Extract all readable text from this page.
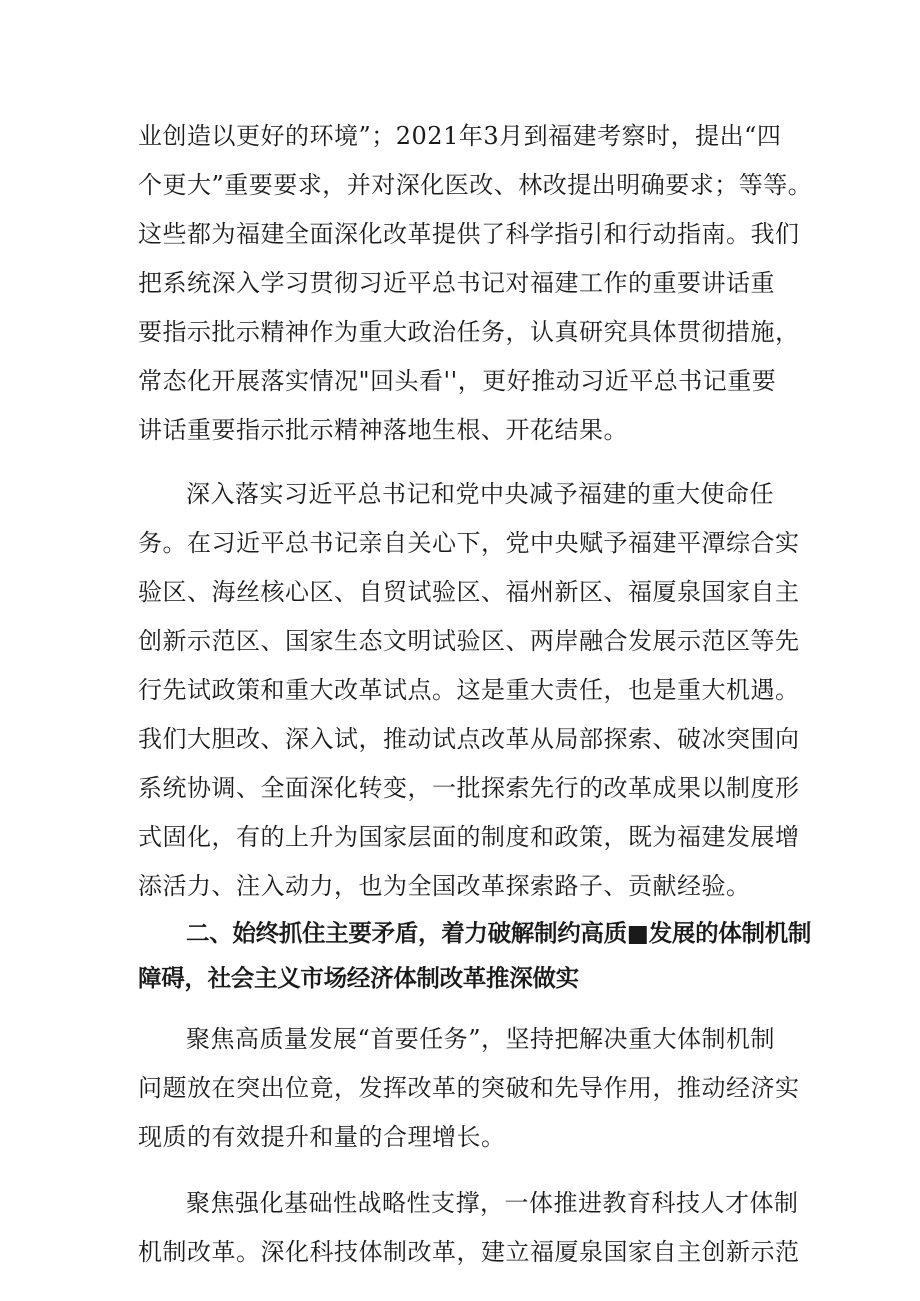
业创造以更好的环境”；2021年3月到福建考察时，提出“四
个更大”重要要求，并对深化医改、林改提出明确要求；等等。
这些都为福建全面深化改革提供了科学指引和行动指南。我们
把系统深入学习贯彻习近平总书记对福建工作的重要讲话重
要指示批示精神作为重大政治任务，认真研究具体贯彻措施，
常态化开展落实情况"回头看''，更好推动习近平总书记重要
讲话重要指示批示精神落地生根、开花结果。
深入落实习近平总书记和党中央减予福建的重大使命任
务。在习近平总书记亲自关心下，党中央赋予福建平潭综合实
验区、海丝核心区、自贸试验区、福州新区、福厦泉国家自主
创新示范区、国家生态文明试验区、两岸融合发展示范区等先
行先试政策和重大改革试点。这是重大责任，也是重大机遇。
我们大胆改、深入试，推动试点改革从局部探索、破冰突围向
系统协调、全面深化转变，一批探索先行的改革成果以制度形
式固化，有的上升为国家层面的制度和政策，既为福建发展增
添活力、注入动力，也为全国改革探索路子、贡献经验。
二、始终抓住主要矛盾，着力破解制约高质■发展的体制机制
障碍，社会主义市场经济体制改革推深做实
聚焦高质量发展“首要任务”，坚持把解决重大体制机制
问题放在突出位竟，发挥改革的突破和先导作用，推动经济实
现质的有效提升和量的合理增长。
聚焦强化基础性战略性支撑，一体推进教育科技人才体制
机制改革。深化科技体制改革，建立福厦泉国家自主创新示范
